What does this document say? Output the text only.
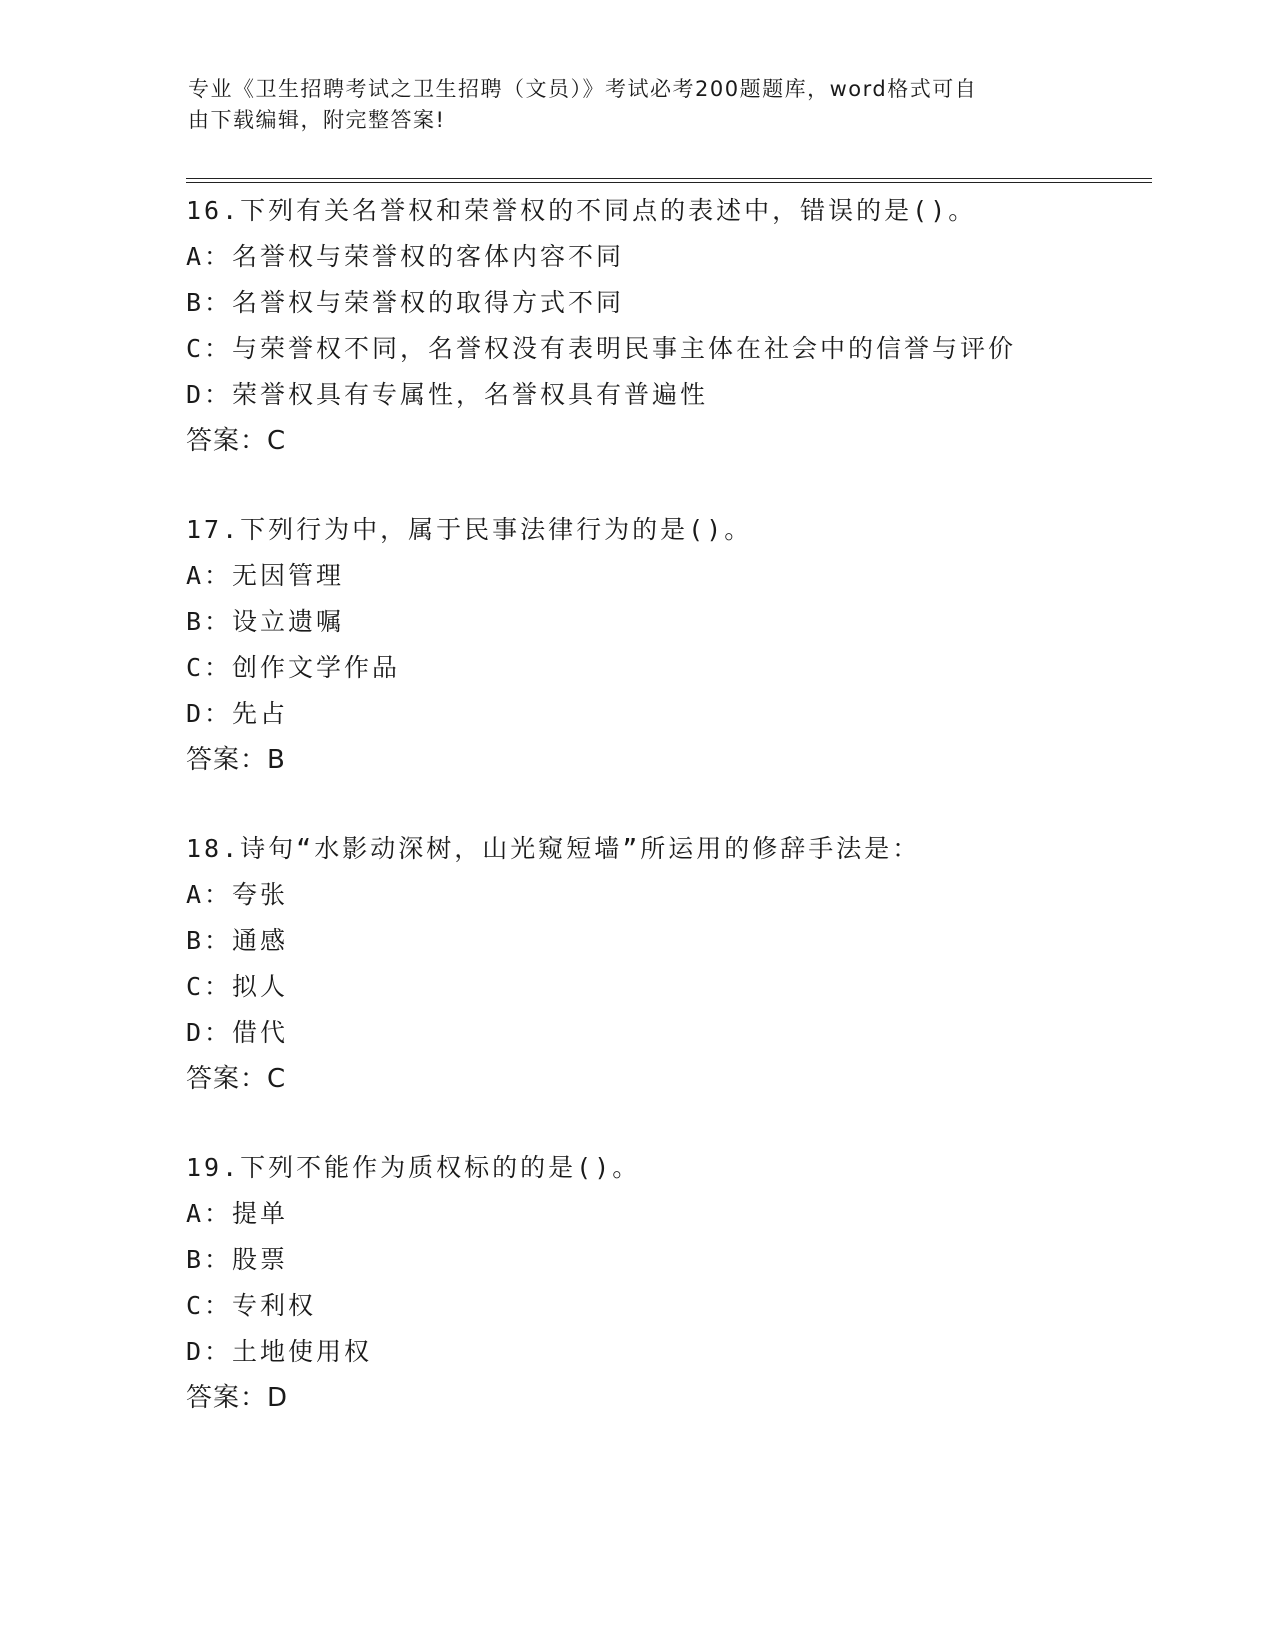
专业《卫生招聘考试之卫生招聘（文员）》考试必考200题题库，word格式可自
由下载编辑，附完整答案!
16.下列有关名誉权和荣誉权的不同点的表述中，错误的是()。
A：名誉权与荣誉权的客体内容不同
B：名誉权与荣誉权的取得方式不同
C：与荣誉权不同，名誉权没有表明民事主体在社会中的信誉与评价
D：荣誉权具有专属性，名誉权具有普遍性
答案：C
17.下列行为中，属于民事法律行为的是()。
A：无因管理
B：设立遗嘱
C：创作文学作品
D：先占
答案：B
18.诗句“水影动深树，山光窥短墙”所运用的修辞手法是：
A：夸张
B：通感
C：拟人
D：借代
答案：C
19.下列不能作为质权标的的是()。
A：提单
B：股票
C：专利权
D：土地使用权
答案：D
